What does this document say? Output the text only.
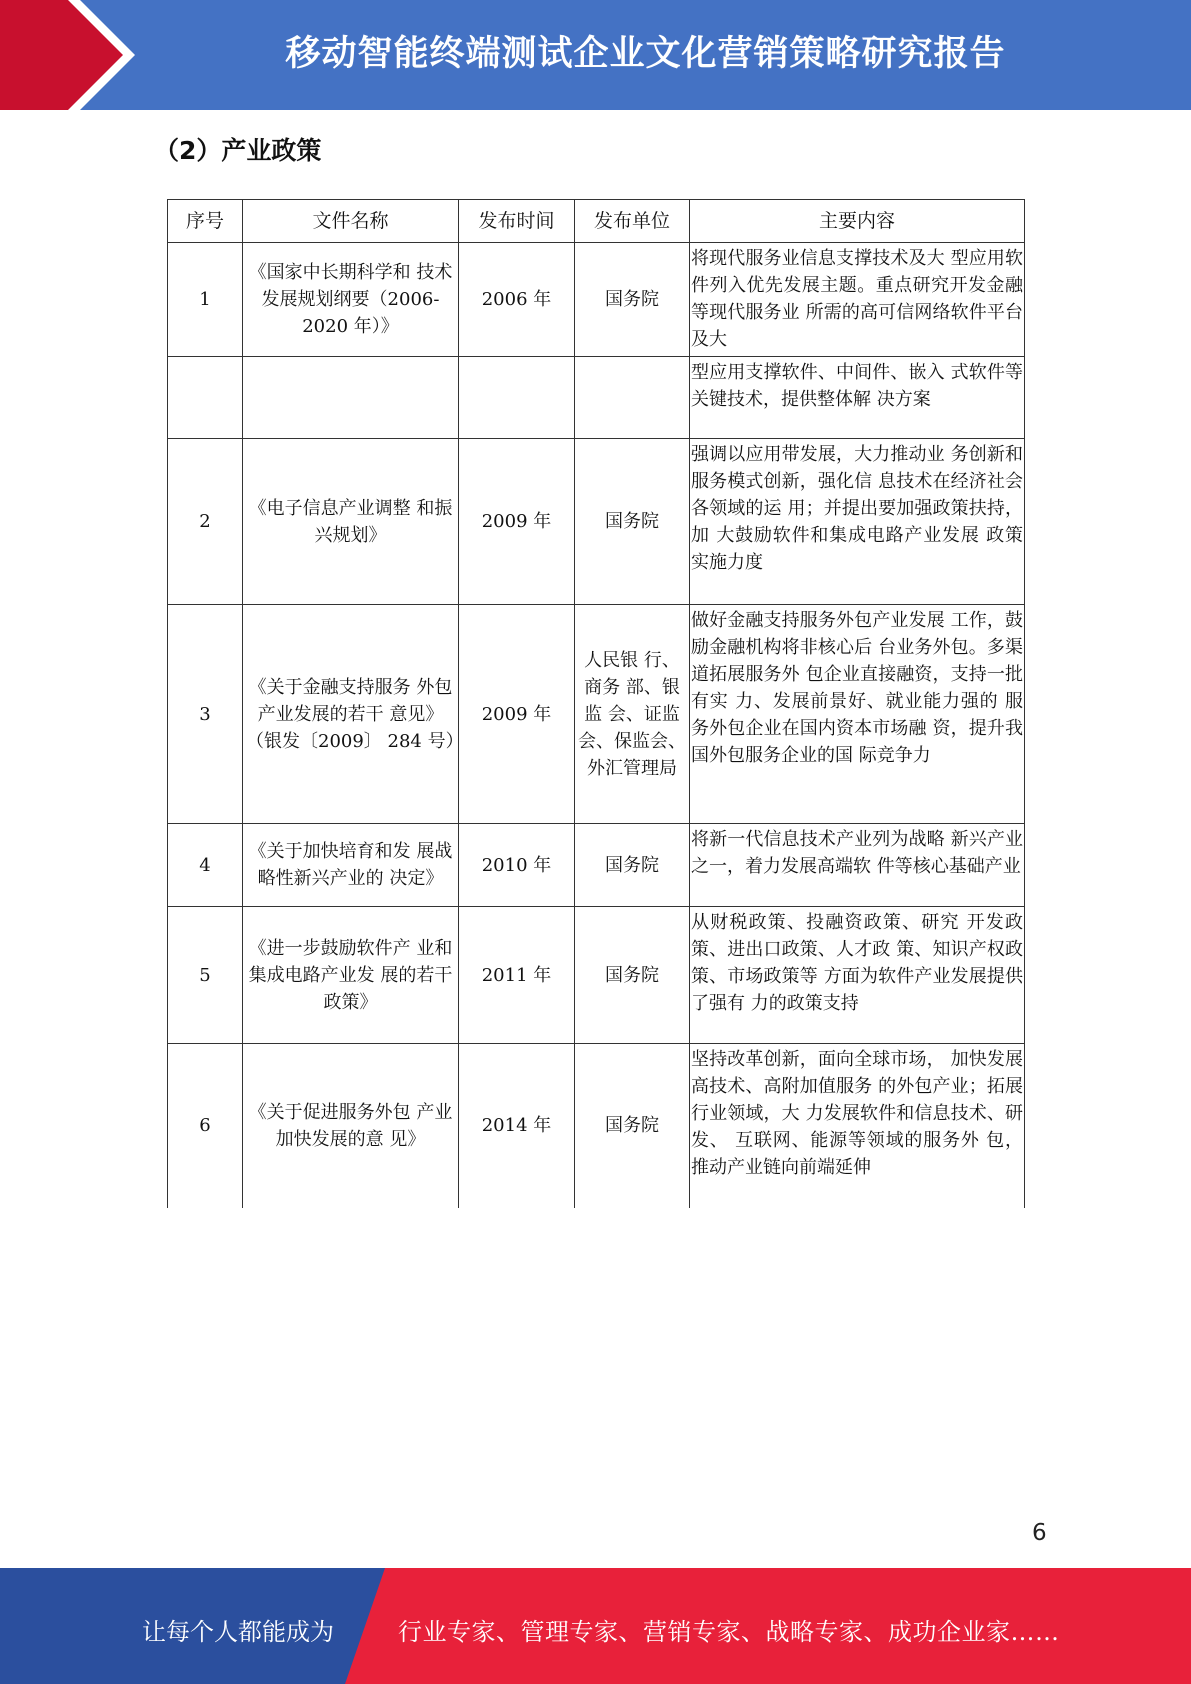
移动智能终端测试企业文化营销策略研究报告
（2）产业政策
序号	文件名称	发布时间	发布单位	主要内容
1	《国家中长期科学和 技术发展规划纲要（2006-2020 年）》	2006 年	国务院	将现代服务业信息支撑技术及大 型应用软件列入优先发展主题。重点研究开发金融等现代服务业 所需的高可信网络软件平台及大
				型应用支撑软件、中间件、嵌入 式软件等关键技术，提供整体解 决方案
2	《电子信息产业调整 和振兴规划》	2009 年	国务院	强调以应用带发展，大力推动业 务创新和服务模式创新，强化信 息技术在经济社会各领域的运 用；并提出要加强政策扶持，加 大鼓励软件和集成电路产业发展 政策实施力度
3	《关于金融支持服务 外包产业发展的若干 意见》（银发〔2009〕 284 号）	2009 年	人民银 行、商务 部、银监 会、证监会、保监会、外汇管理局	做好金融支持服务外包产业发展 工作，鼓励金融机构将非核心后 台业务外包。多渠道拓展服务外 包企业直接融资，支持一批有实 力、发展前景好、就业能力强的 服务外包企业在国内资本市场融 资，提升我国外包服务企业的国 际竞争力
4	《关于加快培育和发 展战略性新兴产业的 决定》	2010 年	国务院	将新一代信息技术产业列为战略 新兴产业之一，着力发展高端软 件等核心基础产业
5	《进一步鼓励软件产 业和集成电路产业发 展的若干政策》	2011 年	国务院	从财税政策、投融资政策、研究 开发政策、进出口政策、人才政 策、知识产权政策、市场政策等 方面为软件产业发展提供了强有 力的政策支持
6	《关于促进服务外包 产业加快发展的意 见》	2014 年	国务院	坚持改革创新，面向全球市场， 加快发展高技术、高附加值服务 的外包产业；拓展行业领域，大 力发展软件和信息技术、研发、 互联网、能源等领域的服务外 包，推动产业链向前端延伸
6
让每个人都能成为	行业专家、管理专家、营销专家、战略专家、成功企业家……
